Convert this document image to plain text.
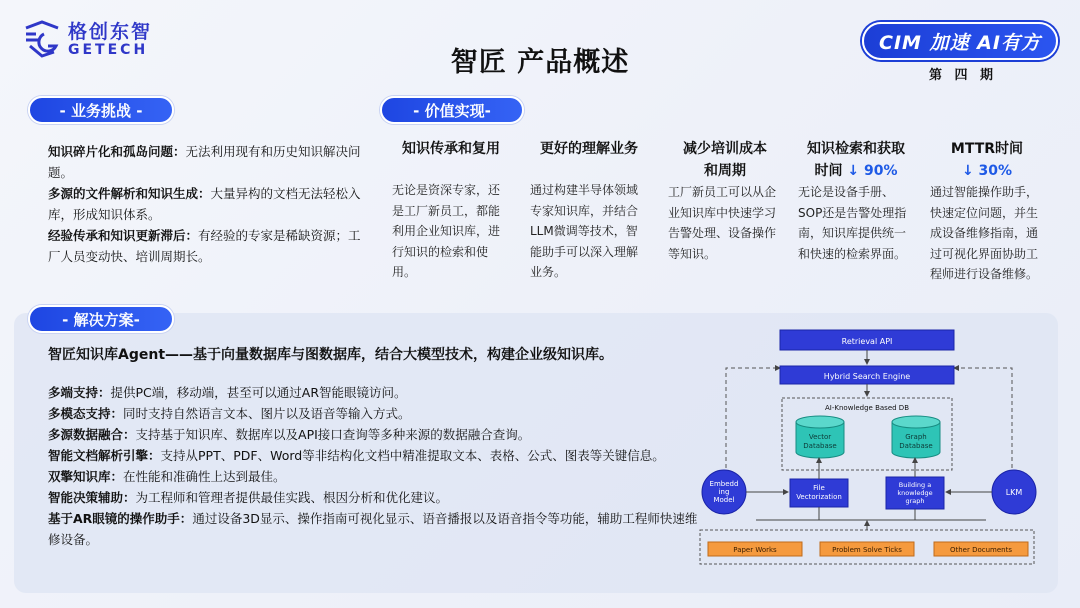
格创东智
GETECH	智匠 产品概述
CIM 加速 AI有方
第 四 期
- 业务挑战 -	- 价值实现-

知识碎片化和孤岛问题：无法利用现有和历史知识解决问题。

多源的文件解析和知识生成：大量异构的文档无法轻松入库，形成知识体系。

经验传承和知识更新滞后：有经验的专家是稀缺资源；工厂人员变动快、培训周期长。

知识传承和复用
无论是资深专家，还是工厂新员工，都能利用企业知识库，进行知识的检索和使用。
更好的理解业务
通过构建半导体领域专家知识库，并结合LLM微调等技术，智能助手可以深入理解业务。
减少培训成本
和周期
工厂新员工可以从企业知识库中快速学习告警处理、设备操作等知识。
知识检索和获取
时间 ↓ 90%
无论是设备手册、SOP还是告警处理指南，知识库提供统一和快速的检索界面。
MTTR时间
↓ 30%
通过智能操作助手，快速定位问题，并生成设备维修指南，通过可视化界面协助工程师进行设备维修。
- 解决方案-
智匠知识库Agent——基于向量数据库与图数据库，结合大模型技术，构建企业级知识库。

多端支持：提供PC端，移动端，甚至可以通过AR智能眼镜访问。

多模态支持：同时支持自然语言文本、图片以及语音等输入方式。

多源数据融合：支持基于知识库、数据库以及API接口查询等多种来源的数据融合查询。

智能文档解析引擎：支持从PPT、PDF、Word等非结构化文档中精准提取文本、表格、公式、图表等关键信息。

双擎知识库：在性能和准确性上达到最佳。

智能决策辅助：为工程师和管理者提供最佳实践、根因分析和优化建议。

基于AR眼镜的操作助手：通过设备3D显示、操作指南可视化显示、语音播报以及语音指令等功能，辅助工程师快速维修设备。

Retrieval API
Hybrid Search Engine
AI-Knowledge Based DB
Vector
Database
Graph
Database
Embedd
ing
Model
LKM
File
Vectorization
Building a
knowledge
graph
Paper Works	Problem Solve Ticks	Other Documents
